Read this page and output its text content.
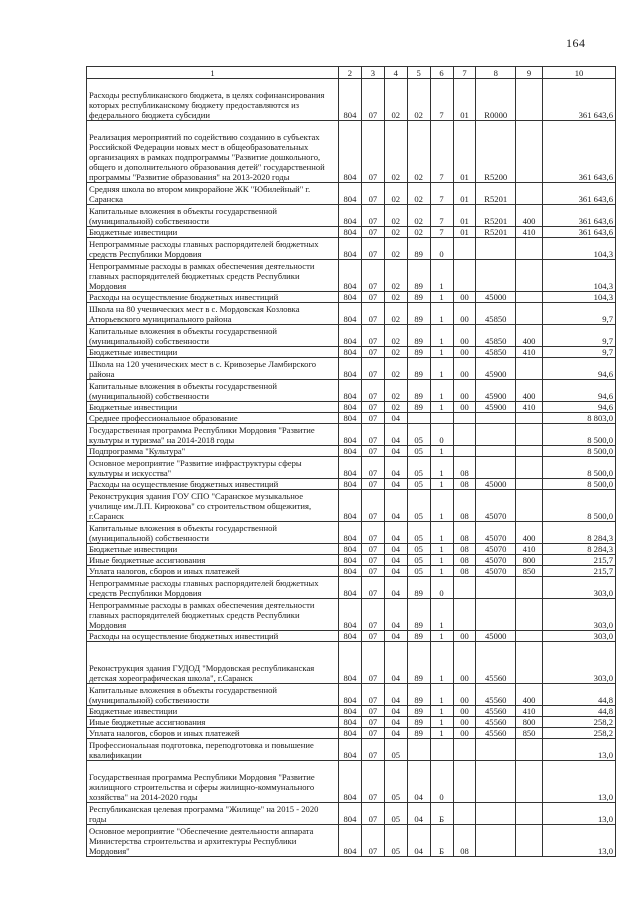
164
1	2	3	4	5	6	7	8	9	10
Расходы республиканского бюджета, в целях софинансирования которых республиканскому бюджету предоставляются из федерального бюджета субсидии	804	07	02	02	7	01	R0000		361 643,6
Реализация мероприятий по содействию созданию в субъектах Российской Федерации новых мест в общеобразовательных организациях в рамках подпрограммы "Развитие дошкольного, общего и дополнительного образования детей" государственной программы "Развитие образования" на 2013-2020 годы	804	07	02	02	7	01	R5200		361 643,6
Средняя школа во втором микрорайоне ЖК "Юбилейный" г. Саранска	804	07	02	02	7	01	R5201		361 643,6
Капитальные вложения в объекты государственной (муниципальной) собственности	804	07	02	02	7	01	R5201	400	361 643,6
Бюджетные инвестиции	804	07	02	02	7	01	R5201	410	361 643,6
Непрограммные расходы главных распорядителей бюджетных средств Республики Мордовия	804	07	02	89	0				104,3
Непрограммные расходы в рамках обеспечения деятельности главных распорядителей бюджетных средств Республики Мордовия	804	07	02	89	1				104,3
Расходы на осуществление бюджетных инвестиций	804	07	02	89	1	00	45000		104,3
Школа на 80 ученических мест в с. Мордовская Козловка Атюрьевского муниципального района	804	07	02	89	1	00	45850		9,7
Капитальные вложения в объекты государственной (муниципальной) собственности	804	07	02	89	1	00	45850	400	9,7
Бюджетные инвестиции	804	07	02	89	1	00	45850	410	9,7
Школа на 120 ученических мест в с. Кривозерье Ламбирского района	804	07	02	89	1	00	45900		94,6
Капитальные вложения в объекты государственной (муниципальной) собственности	804	07	02	89	1	00	45900	400	94,6
Бюджетные инвестиции	804	07	02	89	1	00	45900	410	94,6
Среднее профессиональное образование	804	07	04						8 803,0
Государственная программа Республики Мордовия "Развитие культуры и туризма" на 2014-2018 годы	804	07	04	05	0				8 500,0
Подпрограмма "Культура"	804	07	04	05	1				8 500,0
Основное мероприятие "Развитие инфраструктуры сферы культуры и искусства"	804	07	04	05	1	08			8 500,0
Расходы на осуществление бюджетных инвестиций	804	07	04	05	1	08	45000		8 500,0
Реконструкция здания ГОУ СПО "Саранское музыкальное училище им.Л.П. Кирюкова" со строительством общежития, г.Саранск	804	07	04	05	1	08	45070		8 500,0
Капитальные вложения в объекты государственной (муниципальной) собственности	804	07	04	05	1	08	45070	400	8 284,3
Бюджетные инвестиции	804	07	04	05	1	08	45070	410	8 284,3
Иные бюджетные ассигнования	804	07	04	05	1	08	45070	800	215,7
Уплата налогов, сборов и иных платежей	804	07	04	05	1	08	45070	850	215,7
Непрограммные расходы главных распорядителей бюджетных средств Республики Мордовия	804	07	04	89	0				303,0
Непрограммные расходы в рамках обеспечения деятельности главных распорядителей бюджетных средств Республики Мордовия	804	07	04	89	1				303,0
Расходы на осуществление бюджетных инвестиций	804	07	04	89	1	00	45000		303,0
Реконструкция здания ГУДОД "Мордовская республиканская детская хореографическая школа", г.Саранск	804	07	04	89	1	00	45560		303,0
Капитальные вложения в объекты государственной (муниципальной) собственности	804	07	04	89	1	00	45560	400	44,8
Бюджетные инвестиции	804	07	04	89	1	00	45560	410	44,8
Иные бюджетные ассигнования	804	07	04	89	1	00	45560	800	258,2
Уплата налогов, сборов и иных платежей	804	07	04	89	1	00	45560	850	258,2
Профессиональная подготовка, переподготовка и повышение квалификации	804	07	05						13,0
Государственная программа Республики Мордовия "Развитие жилищного строительства и сферы жилищно-коммунального хозяйства" на 2014-2020 годы	804	07	05	04	0				13,0
Республиканская целевая программа "Жилище" на 2015 - 2020 годы	804	07	05	04	Б				13,0
Основное мероприятие "Обеспечение деятельности аппарата Министерства строительства и архитектуры Республики Мордовия"	804	07	05	04	Б	08			13,0
